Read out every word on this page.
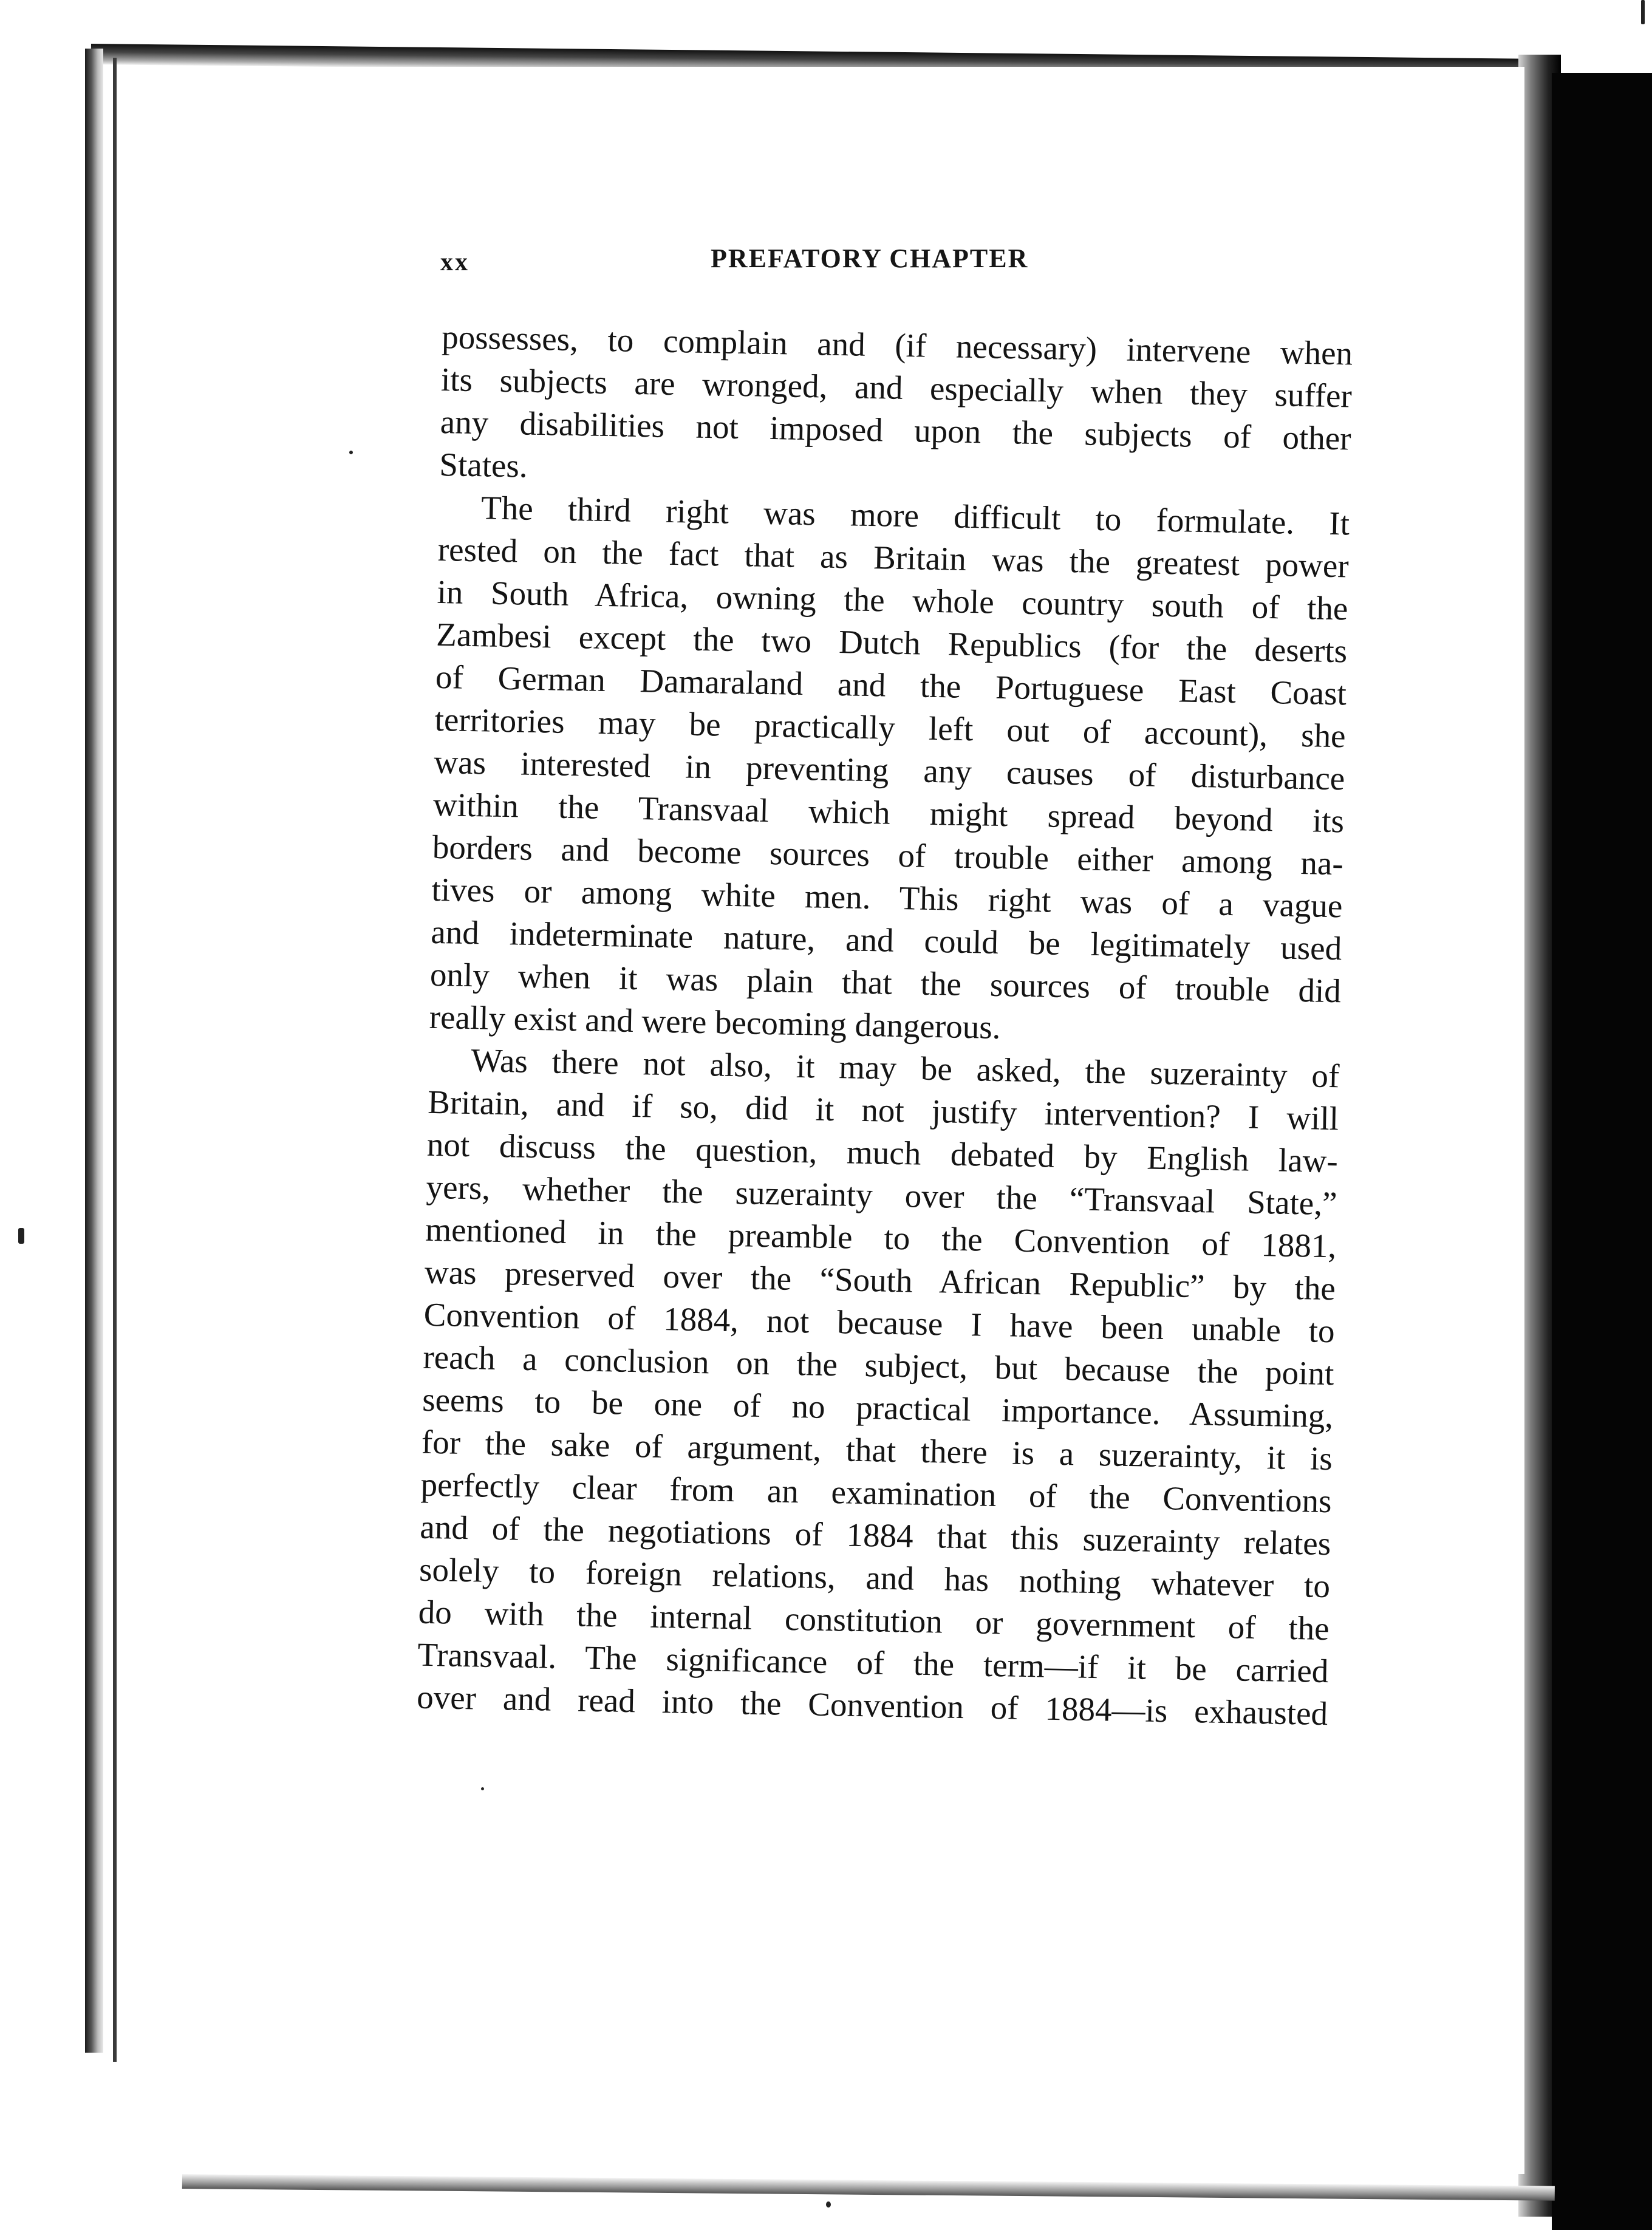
xx	PREFATORY CHAPTER
possesses, to complain and (if necessary) intervene when
its subjects are wronged, and especially when they suffer
any disabilities not imposed upon the subjects of other
States.
The third right was more difficult to formulate. It
rested on the fact that as Britain was the greatest power
in South Africa, owning the whole country south of the
Zambesi except the two Dutch Republics (for the deserts
of German Damaraland and the Portuguese East Coast
territories may be practically left out of account), she
was interested in preventing any causes of disturbance
within the Transvaal which might spread beyond its
borders and become sources of trouble either among na-
tives or among white men. This right was of a vague
and indeterminate nature, and could be legitimately used
only when it was plain that the sources of trouble did
really exist and were becoming dangerous.
Was there not also, it may be asked, the suzerainty of
Britain, and if so, did it not justify intervention? I will
not discuss the question, much debated by English law-
yers, whether the suzerainty over the “Transvaal State,”
mentioned in the preamble to the Convention of 1881,
was preserved over the “South African Republic” by the
Convention of 1884, not because I have been unable to
reach a conclusion on the subject, but because the point
seems to be one of no practical importance. Assuming,
for the sake of argument, that there is a suzerainty, it is
perfectly clear from an examination of the Conventions
and of the negotiations of 1884 that this suzerainty relates
solely to foreign relations, and has nothing whatever to
do with the internal constitution or government of the
Transvaal. The significance of the term—if it be carried
over and read into the Convention of 1884—is exhausted
